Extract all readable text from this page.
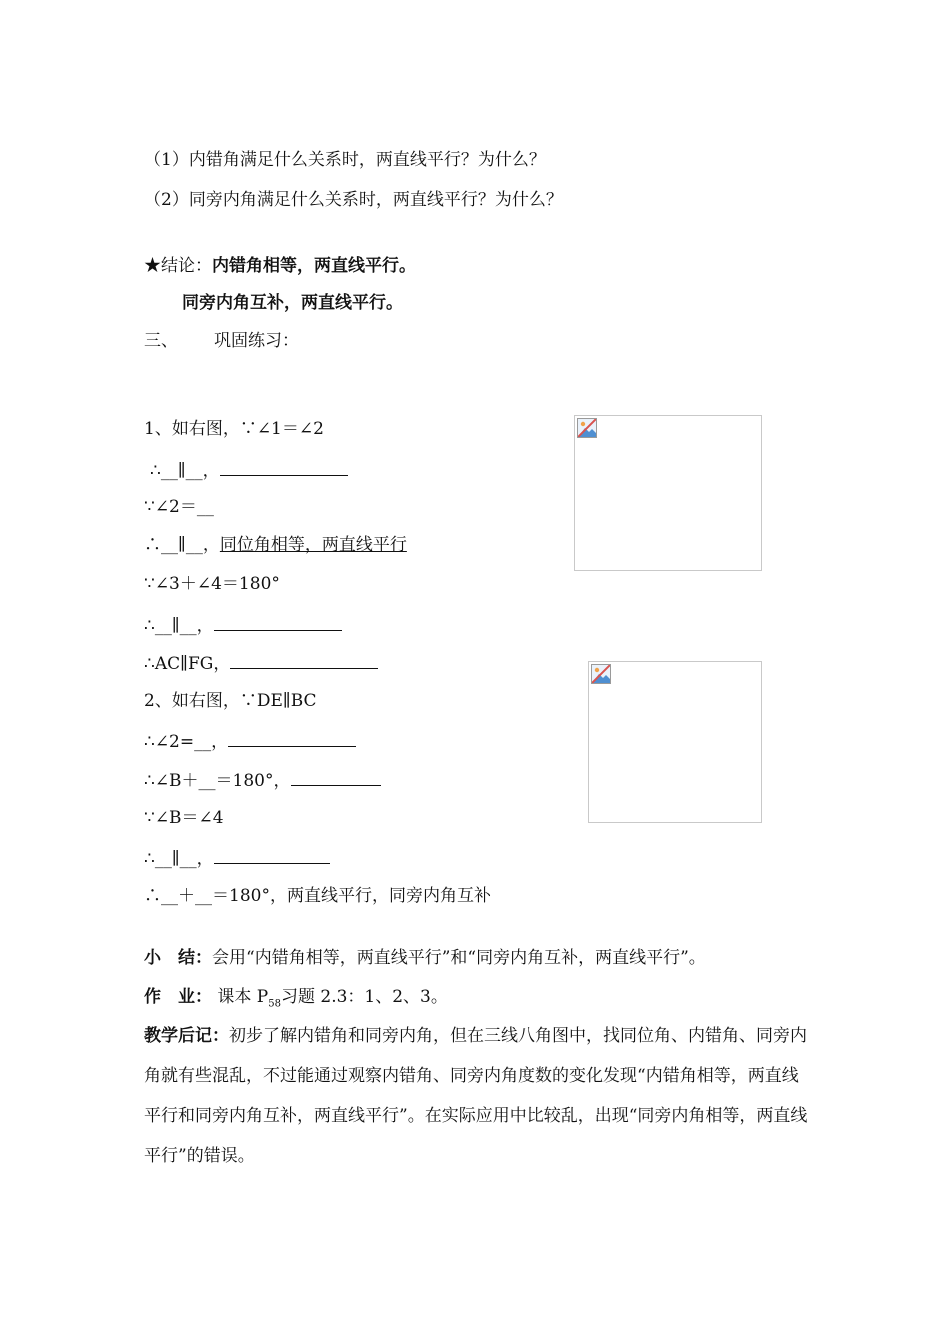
（1）内错角满足什么关系时，两直线平行？为什么？
（2）同旁内角满足什么关系时，两直线平行？为什么？
★结论：内错角相等，两直线平行。
同旁内角互补，两直线平行。
三、 巩固练习：
1、如右图，∵∠1＝∠2
∴__∥__，
∵∠2＝__
∴__∥__，同位角相等，两直线平行
∵∠3＋∠4＝180°
∴__∥__，
∴AC∥FG，
2、如右图，∵DE∥BC
∴∠2=__，
∴∠B＋__＝180°，
∵∠B＝∠4
∴__∥__，
∴__＋__＝180°，两直线平行，同旁内角互补
小　结：会用“内错角相等，两直线平行”和“同旁内角互补，两直线平行”。
作　业： 课本 $P_{58}$习题 2.3：1、2、3。
教学后记：初步了解内错角和同旁内角，但在三线八角图中，找同位角、内错角、同旁内角就有些混乱，不过能通过观察内错角、同旁内角度数的变化发现“内错角相等，两直线平行和同旁内角互补，两直线平行”。在实际应用中比较乱，出现“同旁内角相等，两直线平行”的错误。
